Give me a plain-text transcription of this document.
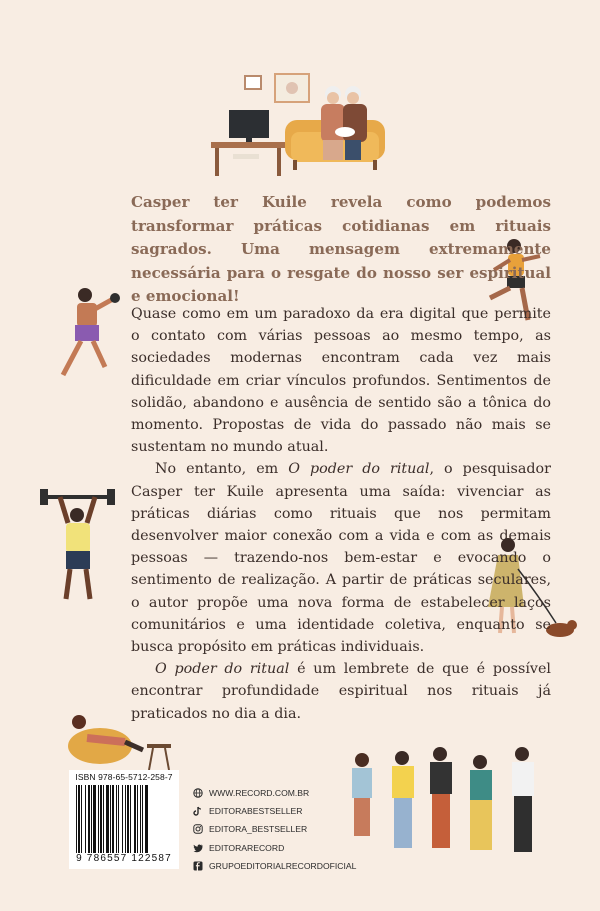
Casper ter Kuile revela como podemos transformar práticas cotidianas em rituais sagrados. Uma mensagem extremamente necessária para o resgate do nosso ser espiritual e emocional!

Quase como em um paradoxo da era digital que permite o contato com várias pessoas ao mesmo tempo, as sociedades modernas encontram cada vez mais dificuldade em criar vínculos profundos. Sentimentos de solidão, abandono e ausência de sentido são a tônica do momento. Propostas de vida do passado não mais se sustentam no mundo atual.

No entanto, em O poder do ritual, o pesquisador Casper ter Kuile apresenta uma saída: vivenciar as práticas diárias como rituais que nos permitam desenvolver maior conexão com a vida e com as demais pessoas — trazendo-nos bem-estar e evocando o sentimento de realização. A partir de práticas seculares, o autor propõe uma nova forma de estabelecer laços comunitários e uma identidade coletiva, enquanto se busca propósito em práticas individuais.

O poder do ritual é um lembrete de que é possível encontrar profundidade espiritual nos rituais já praticados no dia a dia.

ISBN 978-65-5712-258-7
9 786557 122587
WWW.RECORD.COM.BR
EDITORABESTSELLER
EDITORA_BESTSELLER
EDITORARECORD
GRUPOEDITORIALRECORDOFICIAL
